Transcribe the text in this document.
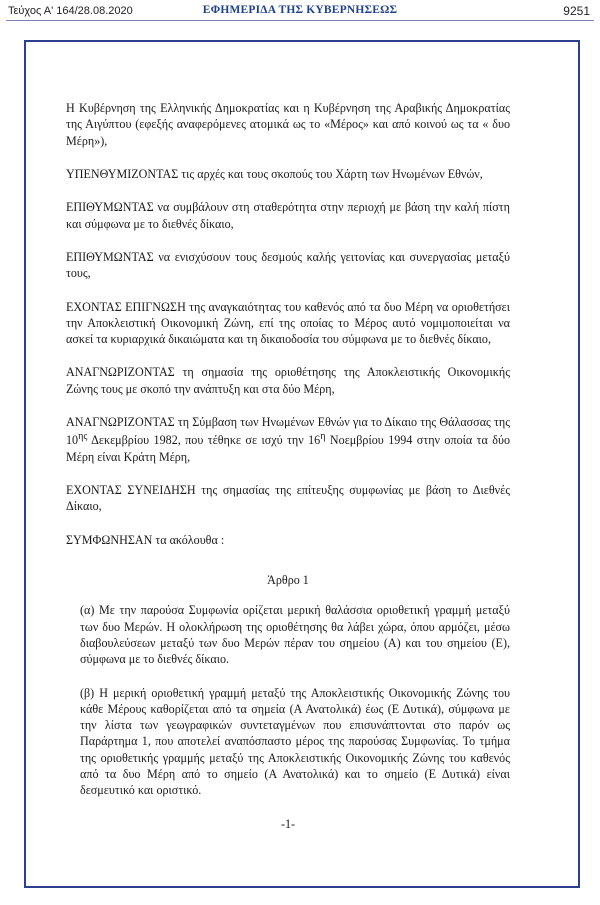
Τεύχος Α' 164/28.08.2020	ΕΦΗΜΕΡΙΔΑ ΤΗΣ ΚΥΒΕΡΝΗΣΕΩΣ	9251

Η Κυβέρνηση της Ελληνικής Δημοκρατίας και η Κυβέρνηση της Αραβικής Δημοκρατίας της Αιγύπτου (εφεξής αναφερόμενες ατομικά ως το «Μέρος» και από κοινού ως τα « δυο Μέρη»),

ΥΠΕΝΘΥΜΙΖΟΝΤΑΣ τις αρχές και τους σκοπούς του Χάρτη των Ηνωμένων Εθνών,

ΕΠΙΘΥΜΩΝΤΑΣ να συμβάλουν στη σταθερότητα στην περιοχή με βάση την καλή πίστη και σύμφωνα με το διεθνές δίκαιο,

ΕΠΙΘΥΜΩΝΤΑΣ να ενισχύσουν τους δεσμούς καλής γειτονίας και συνεργασίας μεταξύ τους,

ΕΧΟΝΤΑΣ ΕΠΙΓΝΩΣΗ της αναγκαιότητας του καθενός από τα δυο Μέρη να οριοθετήσει την Αποκλειστική Οικονομική Ζώνη, επί της οποίας το Μέρος αυτό νομιμοποιείται να ασκεί τα κυριαρχικά δικαιώματα και τη δικαιοδοσία του σύμφωνα με το διεθνές δίκαιο,

ΑΝΑΓΝΩΡΙΖΟΝΤΑΣ τη σημασία της οριοθέτησης της Αποκλειστικής Οικονομικής Ζώνης τους με σκοπό την ανάπτυξη και στα δύο Μέρη,

ΑΝΑΓΝΩΡΙΖΟΝΤΑΣ τη Σύμβαση των Ηνωμένων Εθνών για το Δίκαιο της Θάλασσας της $10^{\eta\varsigma}$ Δεκεμβρίου 1982, που τέθηκε σε ισχύ την $16^\eta$ Νοεμβρίου 1994 στην οποία τα δύο Μέρη είναι Κράτη Μέρη,

ΕΧΟΝΤΑΣ ΣΥΝΕΙΔΗΣΗ της σημασίας της επίτευξης συμφωνίας με βάση το Διεθνές Δίκαιο,

ΣΥΜΦΩΝΗΣΑΝ τα ακόλουθα :

Άρθρο 1

(α) Με την παρούσα Συμφωνία ορίζεται μερική θαλάσσια οριοθετική γραμμή μεταξύ των δυο Μερών. Η ολοκλήρωση της οριοθέτησης θα λάβει χώρα, όπου αρμόζει, μέσω διαβουλεύσεων μεταξύ των δυο Μερών πέραν του σημείου (Α) και του σημείου (Ε), σύμφωνα με το διεθνές δίκαιο.

(β) Η μερική οριοθετική γραμμή μεταξύ της Αποκλειστικής Οικονομικής Ζώνης του κάθε Μέρους καθορίζεται από τα σημεία (Α Ανατολικά) έως (Ε Δυτικά), σύμφωνα με την λίστα των γεωγραφικών συντεταγμένων που επισυνάπτονται στο παρόν ως Παράρτημα 1, που αποτελεί αναπόσπαστο μέρος της παρούσας Συμφωνίας. Το τμήμα της οριοθετικής γραμμής μεταξύ της Αποκλειστικής Οικονομικής Ζώνης του καθενός από τα δυο Μέρη από το σημείο (Α Ανατολικά) και το σημείο (Ε Δυτικά) είναι δεσμευτικό και οριστικό.

-1-
